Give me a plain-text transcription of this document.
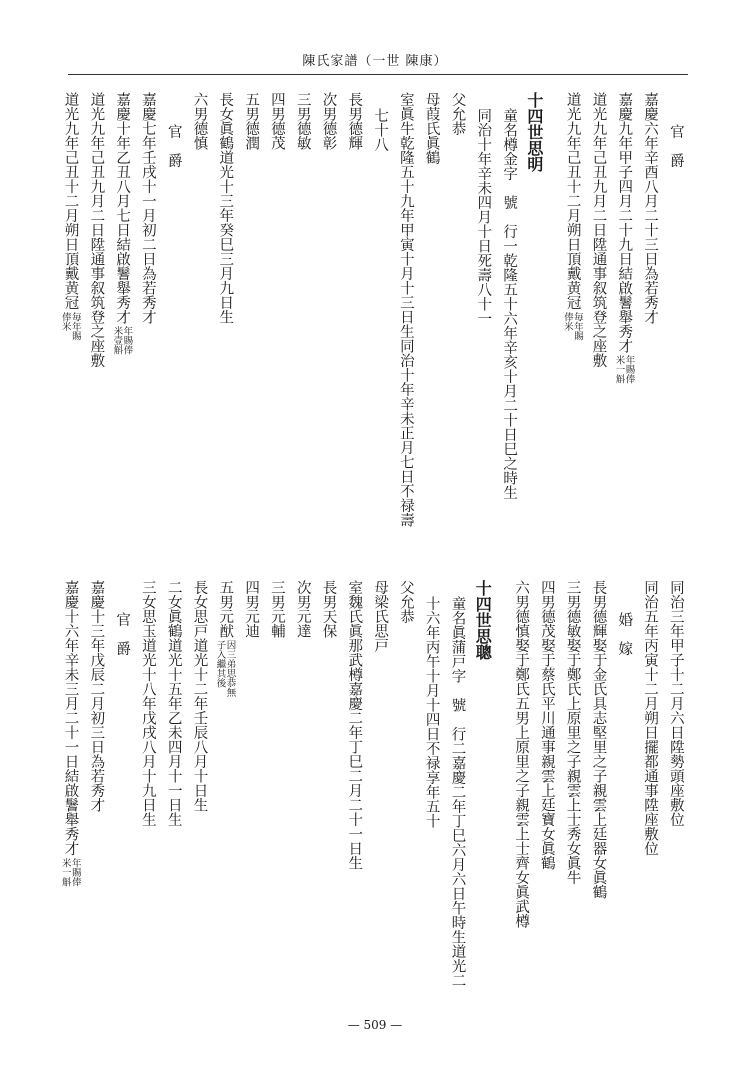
陳氏家譜（一世 陳康）
官　爵
嘉慶六年辛酉八月二十三日為若秀才
嘉慶九年甲子四月二十九日結啟鬐舉秀才
年賜俸
米一斛
道光九年己丑九月二日陞通事叙筑登之座敷
道光九年己丑十二月朔日頂戴黄冠
毎年賜
俸米
十四世思明
童名樽金字　號　行一乾隆五十六年辛亥十月二十日巳之時生
同治十年辛未四月十日死壽八十一
父允恭
母葭氏眞鶴
室眞牛乾隆五十九年甲寅十月十三日生同治十年辛未正月七日不禄壽
七十八
長男德輝
次男德彰
三男德敏
四男德茂
五男德潤
長女眞鶴道光十三年癸巳三月九日生
六男德慎
官　爵
嘉慶七年壬戌十一月初二日為若秀才
嘉慶十年乙丑八月七日結啟鬐舉秀才
年賜俸
米壹斛
道光九年己丑九月二日陞通事叙筑登之座敷
道光九年己丑十二月朔日頂戴黄冠
毎年賜
俸米
同治三年甲子十二月六日陞勢頭座敷位
同治五年丙寅十二月朔日擺都通事陞座敷位
婚　嫁
長男德輝娶于金氏具志堅里之子親雲上廷器女眞鶴
三男德敏娶于鄭氏上原里之子親雲上士秀女眞牛
四男德茂娶于蔡氏平川通事親雲上廷寶女眞鶴
六男德慎娶于鄭氏五男上原里之子親雲上士齊女眞武樽
十四世思聰
童名眞蒲戸字　號　行二嘉慶二年丁巳六月六日午時生道光二
十六年丙午十月十四日不禄享年五十
父允恭
母梁氏思戸
室魏氏眞那武樽嘉慶二年丁巳二月二十一日生
長男天保
次男元達
三男元輔
四男元迪
五男元猷
因三弟思恭無
子入繼其後
長女思戸道光十二年壬辰八月十日生
二女眞鶴道光十五年乙未四月十一日生
三女思玉道光十八年戊戌八月十九日生
官　爵
嘉慶十三年戊辰二月初三日為若秀才
嘉慶十六年辛未三月二十一日結啟鬐舉秀才
年賜俸
米一斛
— 509 —
